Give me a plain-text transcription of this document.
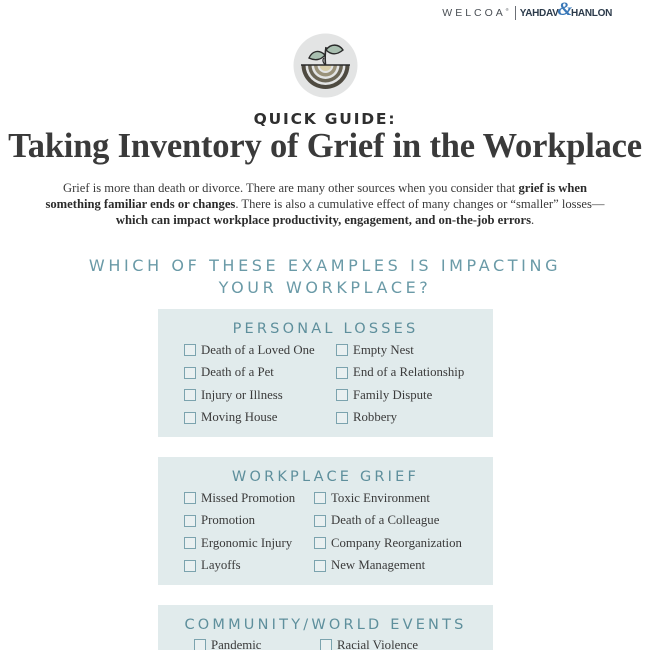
WELCOA® YAHDAV & HANLON
QUICK GUIDE:
Taking Inventory of Grief in the Workplace

Grief is more than death or divorce. There are many other sources when you consider that grief is when something familiar ends or changes. There is also a cumulative effect of many changes or “smaller” losses—which can impact workplace productivity, engagement, and on-the-job errors.

WHICH OF THESE EXAMPLES IS IMPACTING
YOUR WORKPLACE?
PERSONAL LOSSES
Death of a Loved One	Empty Nest
Death of a Pet	End of a Relationship
Injury or Illness	Family Dispute
Moving House	Robbery
WORKPLACE GRIEF
Missed Promotion	Toxic Environment
Promotion	Death of a Colleague
Ergonomic Injury	Company Reorganization
Layoffs	New Management
COMMUNITY/WORLD EVENTS
Pandemic	Racial Violence
